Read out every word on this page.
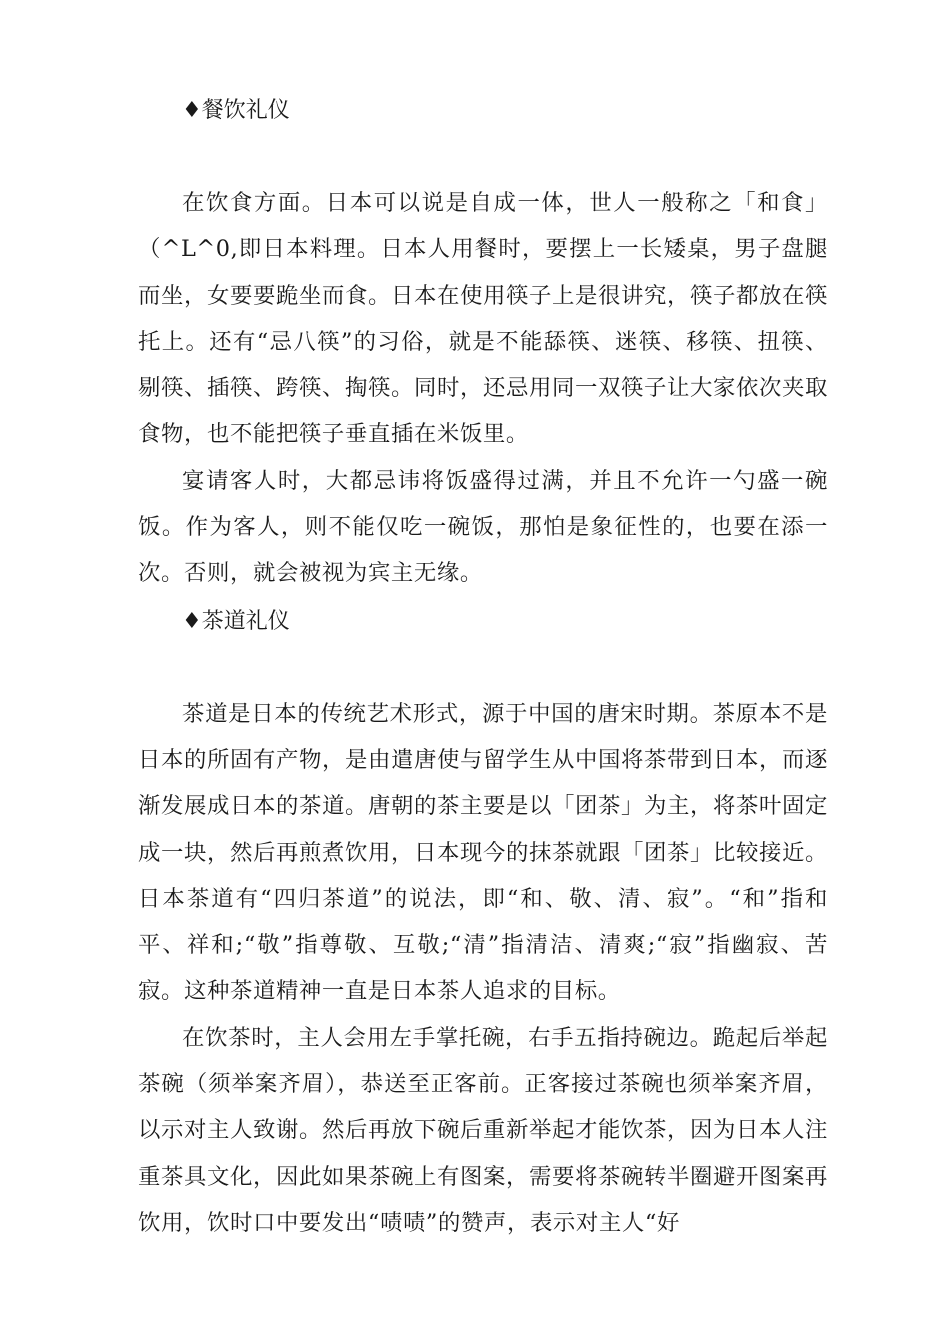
♦餐饮礼仪

在饮食方面。日本可以说是自成一体，世人一般称之「和食」（^L^0,即日本料理。日本人用餐时，要摆上一长矮桌，男子盘腿而坐，女要要跪坐而食。日本在使用筷子上是很讲究，筷子都放在筷托上。还有“忌八筷”的习俗，就是不能舔筷、迷筷、移筷、扭筷、剔筷、插筷、跨筷、掏筷。同时，还忌用同一双筷子让大家依次夹取食物，也不能把筷子垂直插在米饭里。

宴请客人时，大都忌讳将饭盛得过满，并且不允许一勺盛一碗饭。作为客人，则不能仅吃一碗饭，那怕是象征性的，也要在添一次。否则，就会被视为宾主无缘。

♦茶道礼仪

茶道是日本的传统艺术形式，源于中国的唐宋时期。茶原本不是日本的所固有产物，是由遣唐使与留学生从中国将茶带到日本，而逐渐发展成日本的茶道。唐朝的茶主要是以「团茶」为主，将茶叶固定成一块，然后再煎煮饮用，日本现今的抹茶就跟「团茶」比较接近。日本茶道有“四归茶道”的说法，即“和、敬、清、寂”。“和”指和平、祥和;“敬”指尊敬、互敬;“清”指清洁、清爽;“寂”指幽寂、苦寂。这种茶道精神一直是日本茶人追求的目标。

在饮茶时，主人会用左手掌托碗，右手五指持碗边。跪起后举起茶碗（须举案齐眉），恭送至正客前。正客接过茶碗也须举案齐眉，以示对主人致谢。然后再放下碗后重新举起才能饮茶，因为日本人注重茶具文化，因此如果茶碗上有图案，需要将茶碗转半圈避开图案再饮用，饮时口中要发出“啧啧”的赞声，表示对主人“好
